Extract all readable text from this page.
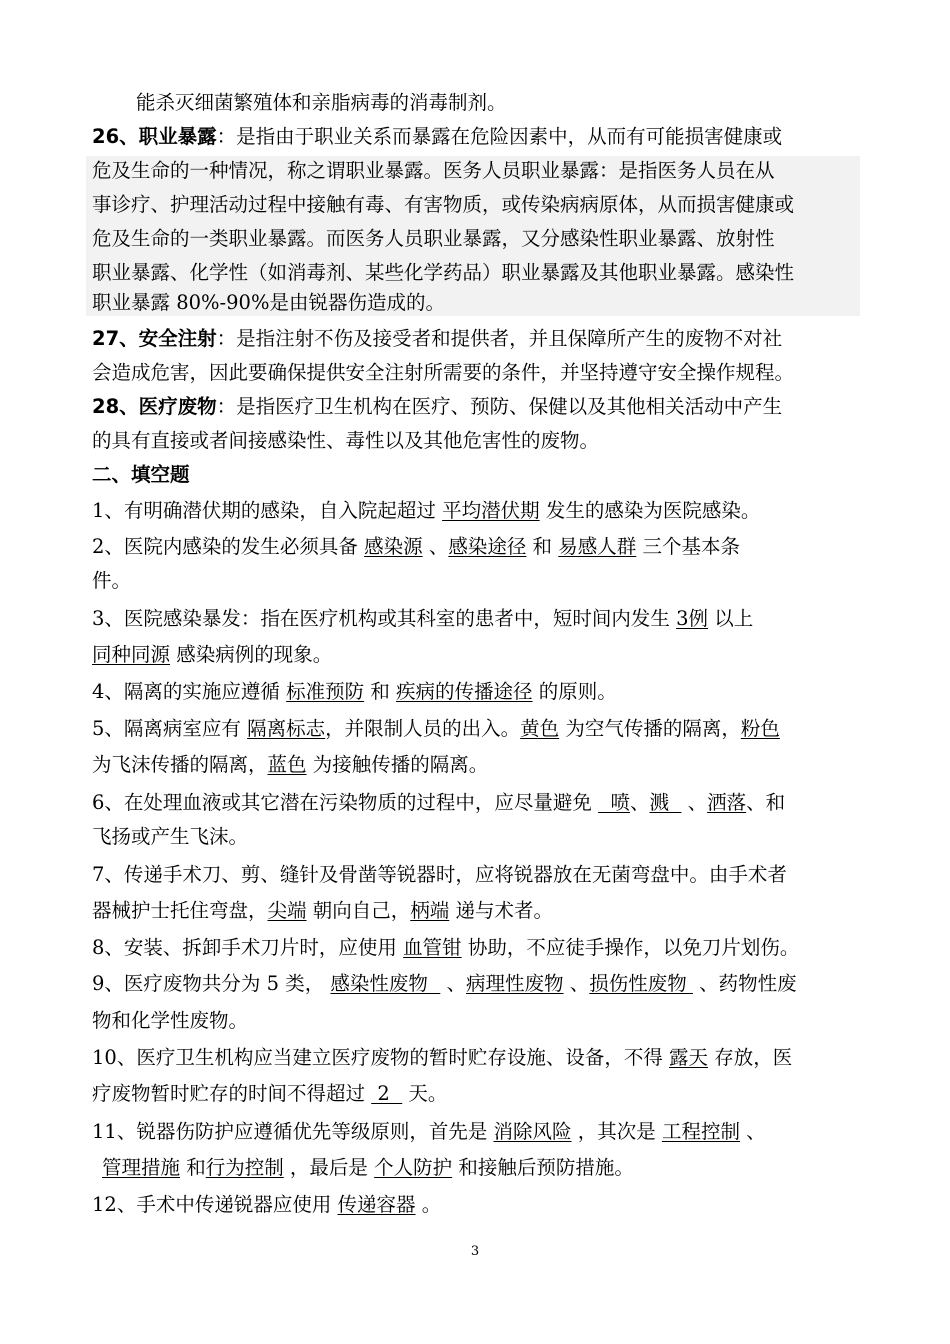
能杀灭细菌繁殖体和亲脂病毒的消毒制剂。
26、职业暴露：是指由于职业关系而暴露在危险因素中，从而有可能损害健康或
危及生命的一种情况，称之谓职业暴露。医务人员职业暴露：是指医务人员在从
事诊疗、护理活动过程中接触有毒、有害物质，或传染病病原体，从而损害健康或
危及生命的一类职业暴露。而医务人员职业暴露，又分感染性职业暴露、放射性
职业暴露、化学性（如消毒剂、某些化学药品）职业暴露及其他职业暴露。感染性
职业暴露 80%-90%是由锐器伤造成的。
27、安全注射：是指注射不伤及接受者和提供者，并且保障所产生的废物不对社
会造成危害，因此要确保提供安全注射所需要的条件，并坚持遵守安全操作规程。
28、医疗废物：是指医疗卫生机构在医疗、预防、保健以及其他相关活动中产生
的具有直接或者间接感染性、毒性以及其他危害性的废物。
二、填空题
1、有明确潜伏期的感染，自入院起超过 平均潜伏期 发生的感染为医院感染。
2、医院内感染的发生必须具备 感染源 、感染途径 和 易感人群 三个基本条
件。
3、医院感染暴发：指在医疗机构或其科室的患者中，短时间内发生 3例 以上
同种同源 感染病例的现象。
4、隔离的实施应遵循 标准预防 和 疾病的传播途径 的原则。
5、隔离病室应有 隔离标志，并限制人员的出入。黄色 为空气传播的隔离，粉色
为飞沫传播的隔离，蓝色 为接触传播的隔离。
6、在处理血液或其它潜在污染物质的过程中，应尽量避免   喷、溅   、洒落、和
飞扬或产生飞沫。
7、传递手术刀、剪、缝针及骨凿等锐器时，应将锐器放在无菌弯盘中。由手术者
器械护士托住弯盘，尖端 朝向自己，柄端 递与术者。
8、安装、拆卸手术刀片时，应使用 血管钳 协助，不应徒手操作，以免刀片划伤。
9、医疗废物共分为 5 类， 感染性废物   、病理性废物 、损伤性废物  、药物性废
物和化学性废物。
10、医疗卫生机构应当建立医疗废物的暂时贮存设施、设备，不得 露天 存放，医
疗废物暂时贮存的时间不得超过  2   天。
11、锐器伤防护应遵循优先等级原则，首先是 消除风险 ，其次是 工程控制 、
管理措施 和行为控制 ，最后是 个人防护 和接触后预防措施。
12、手术中传递锐器应使用 传递容器 。
3
